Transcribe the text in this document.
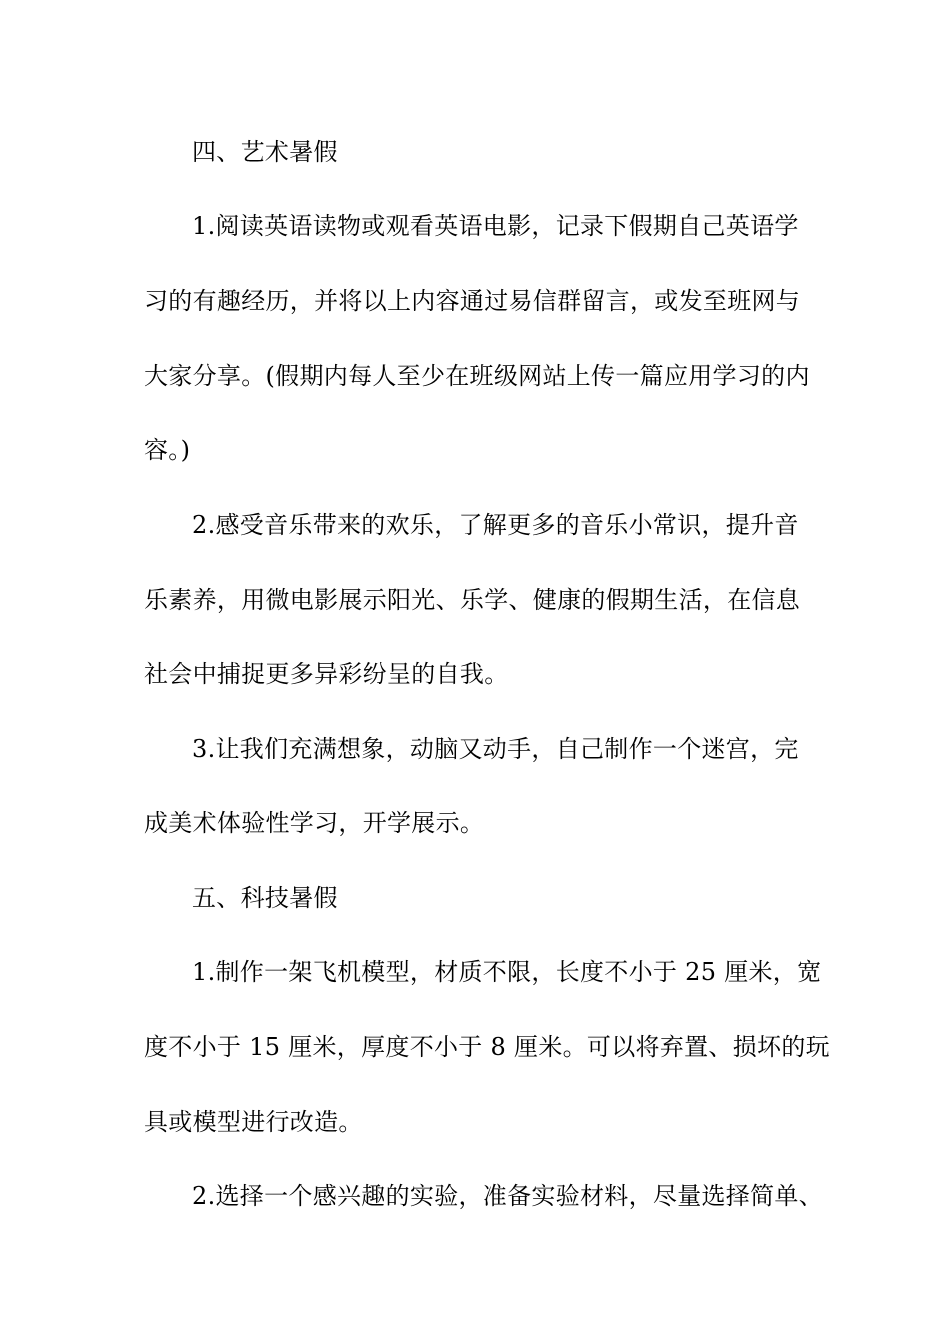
四、艺术暑假
1.阅读英语读物或观看英语电影，记录下假期自己英语学
习的有趣经历，并将以上内容通过易信群留言，或发至班网与
大家分享。(假期内每人至少在班级网站上传一篇应用学习的内
容。)
2.感受音乐带来的欢乐，了解更多的音乐小常识，提升音
乐素养，用微电影展示阳光、乐学、健康的假期生活，在信息
社会中捕捉更多异彩纷呈的自我。
3.让我们充满想象，动脑又动手，自己制作一个迷宫，完
成美术体验性学习，开学展示。
五、科技暑假
1.制作一架飞机模型，材质不限，长度不小于 25 厘米，宽
度不小于 15 厘米，厚度不小于 8 厘米。可以将弃置、损坏的玩
具或模型进行改造。
2.选择一个感兴趣的实验，准备实验材料，尽量选择简单、
